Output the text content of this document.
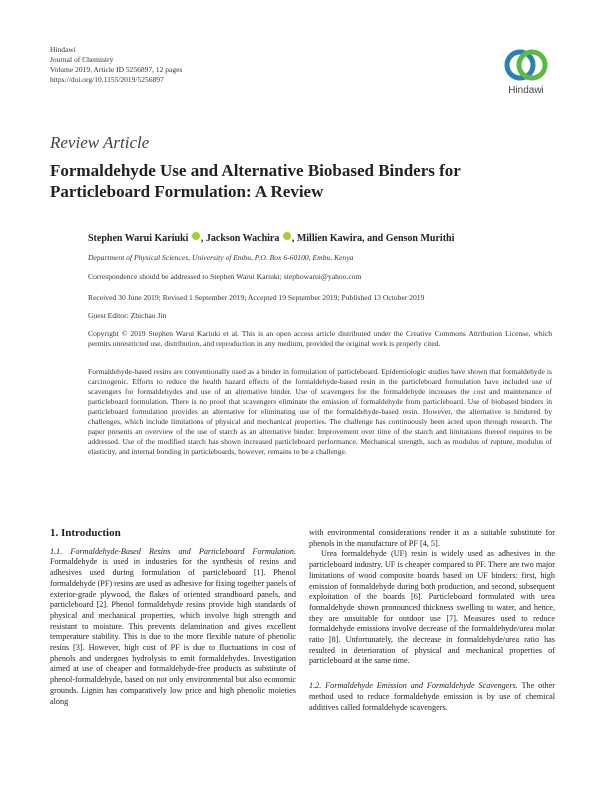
Hindawi
Journal of Chemistry
Volume 2019, Article ID 5256897, 12 pages
https://doi.org/10.1155/2019/5256897
Hindawi
Review Article
Formaldehyde Use and Alternative Biobased Binders for Particleboard Formulation: A Review
Stephen Warui Kariuki , Jackson Wachira , Millien Kawira, and Genson Murithi
Department of Physical Sciences, University of Embu, P.O. Box 6-60100, Embu, Kenya
Correspondence should be addressed to Stephen Warui Kariuki; stephowarui@yahoo.com
Received 30 June 2019; Revised 1 September 2019; Accepted 19 September 2019; Published 13 October 2019
Guest Editor: Zhichao Jin
Copyright © 2019 Stephen Warui Kariuki et al. This is an open access article distributed under the Creative Commons Attribution License, which permits unrestricted use, distribution, and reproduction in any medium, provided the original work is properly cited.
Formaldehyde-based resins are conventionally used as a binder in formulation of particleboard. Epidemiologic studies have shown that formaldehyde is carcinogenic. Efforts to reduce the health hazard effects of the formaldehyde-based resin in the particleboard formulation have included use of scavengers for formaldehydes and use of an alternative binder. Use of scavengers for the formaldehyde increases the cost and maintenance of particleboard formulation. There is no proof that scavengers eliminate the emission of formaldehyde from particleboard. Use of biobased binders in particleboard formulation provides an alternative for eliminating use of the formaldehyde-based resin. However, the alternative is hindered by challenges, which include limitations of physical and mechanical properties. The challenge has continuously been acted upon through research. The paper presents an overview of the use of starch as an alternative binder. Improvement over time of the starch and limitations thereof requires to be addressed. Use of the modified starch has shown increased particleboard performance. Mechanical strength, such as modulus of rupture, modulus of elasticity, and internal bonding in particleboards, however, remains to be a challenge.
1. Introduction

1.1. Formaldehyde-Based Resins and Particleboard Formulation. Formaldehyde is used in industries for the synthesis of resins and adhesives used during formulation of particleboard [1]. Phenol formaldehyde (PF) resins are used as adhesive for fixing together panels of exterior-grade plywood, the flakes of oriented strandboard panels, and particleboard [2]. Phenol formaldehyde resins provide high standards of physical and mechanical properties, which involve high strength and resistant to moisture. This prevents delamination and gives excellent temperature stability. This is due to the more flexible nature of phenolic resins [3]. However, high cost of PF is due to fluctuations in cost of phenols and undergoes hydrolysis to emit formaldehydes. Investigation aimed at use of cheaper and formaldehyde-free products as substitute of phenol-formaldehyde, based on not only environmental but also economic grounds. Lignin has comparatively low price and high phenolic moieties along

with environmental considerations render it as a suitable substitute for phenols in the manufacture of PF [4, 5].

Urea formaldehyde (UF) resin is widely used as adhesives in the particleboard industry. UF is cheaper compared to PF. There are two major limitations of wood composite boards based on UF binders: first, high emission of formaldehyde during both production, and second, subsequent exploitation of the boards [6]. Particleboard formulated with urea formaldehyde shown pronounced thickness swelling to water, and hence, they are unsuitable for outdoor use [7]. Measures used to reduce formaldehyde emissions involve decrease of the formaldehyde/urea molar ratio [8]. Unfortunately, the decrease in formaldehyde/urea ratio has resulted in deterioration of physical and mechanical properties of particleboard at the same time.

1.2. Formaldehyde Emission and Formaldehyde Scavengers. The other method used to reduce formaldehyde emission is by use of chemical additives called formaldehyde scavengers.
